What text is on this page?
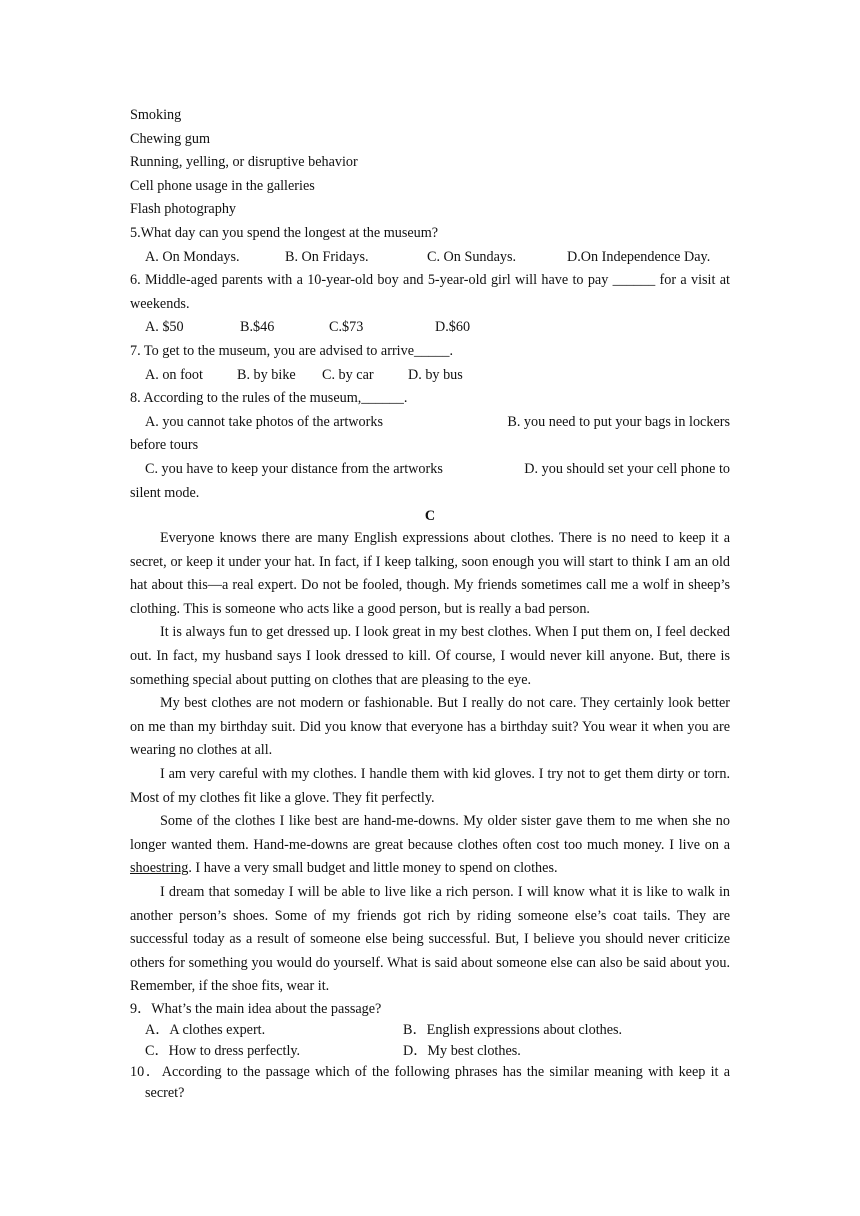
Smoking
Chewing gum
Running, yelling, or disruptive behavior
Cell phone usage in the galleries
Flash photography
5.What day can you spend the longest at the museum?
A. On Mondays.	B. On Fridays.	C. On Sundays.	D.On Independence Day.
6. Middle-aged parents with a 10-year-old boy and 5-year-old girl will have to pay ______ for a visit at weekends.
A. $50	B.$46	C.$73	D.$60
7. To get to the museum, you are advised to arrive_____.
A. on foot	B. by bike	C. by car	D. by bus
8. According to the rules of the museum,______.
A. you cannot take photos of the artworks	B. you need to put your bags in lockers
before tours
C. you have to keep your distance from the artworks	D. you should set your cell phone to
silent mode.
C
Everyone knows there are many English expressions about clothes. There is no need to keep it a secret, or keep it under your hat. In fact, if I keep talking, soon enough you will start to think I am an old hat about this—a real expert. Do not be fooled, though. My friends sometimes call me a wolf in sheep’s clothing. This is someone who acts like a good person, but is really a bad person.
It is always fun to get dressed up. I look great in my best clothes. When I put them on, I feel decked out. In fact, my husband says I look dressed to kill. Of course, I would never kill anyone. But, there is something special about putting on clothes that are pleasing to the eye.
My best clothes are not modern or fashionable. But I really do not care. They certainly look better on me than my birthday suit. Did you know that everyone has a birthday suit? You wear it when you are wearing no clothes at all.
I am very careful with my clothes. I handle them with kid gloves. I try not to get them dirty or torn. Most of my clothes fit like a glove. They fit perfectly.
Some of the clothes I like best are hand-me-downs. My older sister gave them to me when she no longer wanted them. Hand-me-downs are great because clothes often cost too much money. I live on a shoestring. I have a very small budget and little money to spend on clothes.
I dream that someday I will be able to live like a rich person. I will know what it is like to walk in another person’s shoes. Some of my friends got rich by riding someone else’s coat tails. They are successful today as a result of someone else being successful. But, I believe you should never criticize others for something you would do yourself. What is said about someone else can also be said about you. Remember, if the shoe fits, wear it.
9．What’s the main idea about the passage?
A．A clothes expert.	B．English expressions about clothes.
C．How to dress perfectly.	D．My best clothes.
10．According to the passage which of the following phrases has the similar meaning with keep it a secret?
